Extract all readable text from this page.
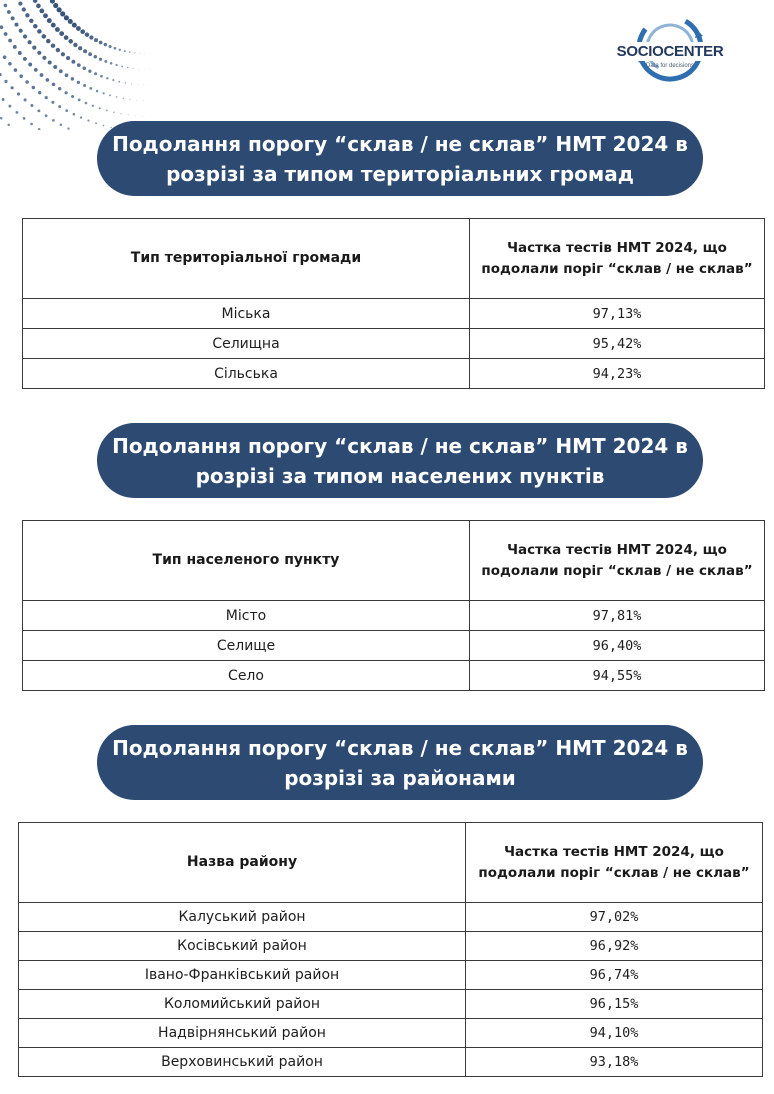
SOCIOCENTER
Data for decisions
Подолання порогу “склав / не склав” НМТ 2024 в
розрізі за типом територіальних громад
Тип територіальної громади	Частка тестів НМТ 2024, що
подолали поріг “склав / не склав”

Міська	97,13%
Селищна	95,42%
Сільська	94,23%
Подолання порогу “склав / не склав” НМТ 2024 в
розрізі за типом населених пунктів
Тип населеного пункту	Частка тестів НМТ 2024, що
подолали поріг “склав / не склав”

Місто	97,81%
Селище	96,40%
Село	94,55%
Подолання порогу “склав / не склав” НМТ 2024 в
розрізі за районами
Назва району	Частка тестів НМТ 2024, що
подолали поріг “склав / не склав”

Калуський район	97,02%
Косівський район	96,92%
Івано-Франківський район	96,74%
Коломийський район	96,15%
Надвірнянський район	94,10%
Верховинський район	93,18%
